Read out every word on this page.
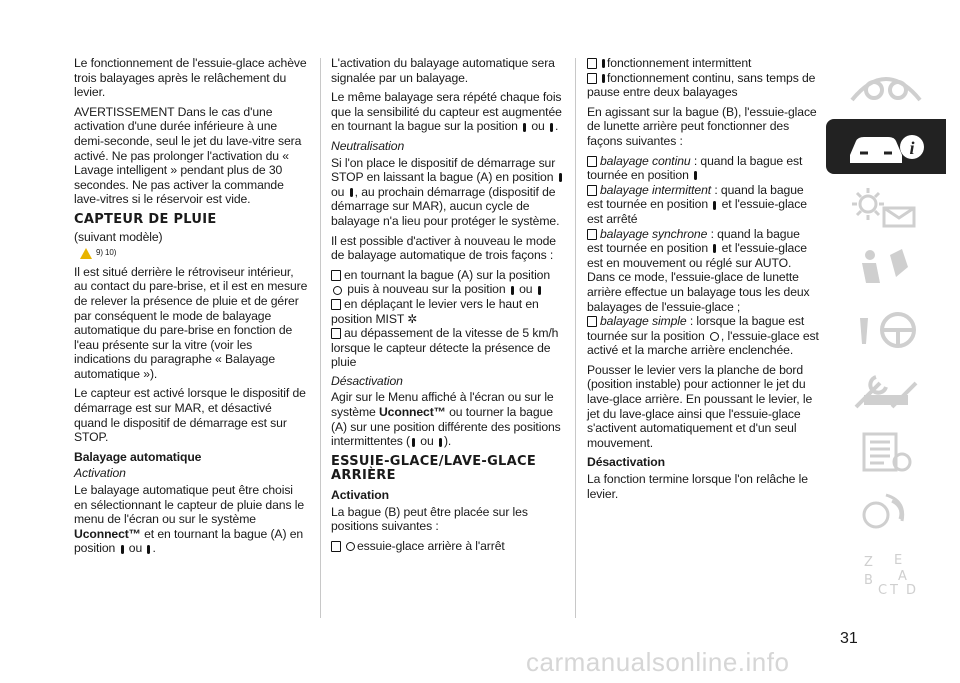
Le fonctionnement de l'essuie-glace achève trois balayages après le relâchement du levier.

AVERTISSEMENT Dans le cas d'une activation d'une durée inférieure à une demi-seconde, seul le jet du lave-vitre sera activé. Ne pas prolonger l'activation du « Lavage intelligent » pendant plus de 30 secondes. Ne pas activer la commande lave-vitres si le réservoir est vide.

CAPTEUR DE PLUIE
(suivant modèle)
9) 10)

Il est situé derrière le rétroviseur intérieur, au contact du pare-brise, et il est en mesure de relever la présence de pluie et de gérer par conséquent le mode de balayage automatique du pare-brise en fonction de l'eau présente sur la vitre (voir les indications du paragraphe « Balayage automatique »).

Le capteur est activé lorsque le dispositif de démarrage est sur MAR, et désactivé quand le dispositif de démarrage est sur STOP.

Balayage automatique
Activation

Le balayage automatique peut être choisi en sélectionnant le capteur de pluie dans le menu de l'écran ou sur le système Uconnect™ et en tournant la bague (A) en position  ou .

L'activation du balayage automatique sera signalée par un balayage.

Le même balayage sera répété chaque fois que la sensibilité du capteur est augmentée en tournant la bague sur la position  ou .

Neutralisation

Si l'on place le dispositif de démarrage sur STOP en laissant la bague (A) en position  ou , au prochain démarrage (dispositif de démarrage sur MAR), aucun cycle de balayage n'a lieu pour protéger le système.

Il est possible d'activer à nouveau le mode de balayage automatique de trois façons :

en tournant la bague (A) sur la position  puis à nouveau sur la position  ou
en déplaçant le levier vers le haut en position MIST ✲
au dépassement de la vitesse de 5 km/h lorsque le capteur détecte la présence de pluie
Désactivation

Agir sur le Menu affiché à l'écran ou sur le système Uconnect™ ou tourner la bague (A) sur une position différente des positions intermittentes ( ou ).

ESSUIE-GLACE/LAVE-GLACE ARRIÈRE
Activation

La bague (B) peut être placée sur les positions suivantes :

essuie-glace arrière à l'arrêt
fonctionnement intermittent
fonctionnement continu, sans temps de pause entre deux balayages

En agissant sur la bague (B), l'essuie-glace de lunette arrière peut fonctionner des façons suivantes :

balayage continu : quand la bague est tournée en position
balayage intermittent : quand la bague est tournée en position  et l'essuie-glace est arrêté
balayage synchrone : quand la bague est tournée en position  et l'essuie-glace est en mouvement ou réglé sur AUTO. Dans ce mode, l'essuie-glace de lunette arrière effectue un balayage tous les deux balayages de l'essuie-glace ;
balayage simple : lorsque la bague est tournée sur la position , l'essuie-glace est activé et la marche arrière enclenchée.

Pousser le levier vers la planche de bord (position instable) pour actionner le jet du lave-glace arrière. En poussant le levier, le jet du lave-glace ainsi que l'essuie-glace s'activent automatiquement et d'un seul mouvement.

Désactivation

La fonction termine lorsque l'on relâche le levier.

i
Z E
A
B
C T D
31
carmanualsonline.info
